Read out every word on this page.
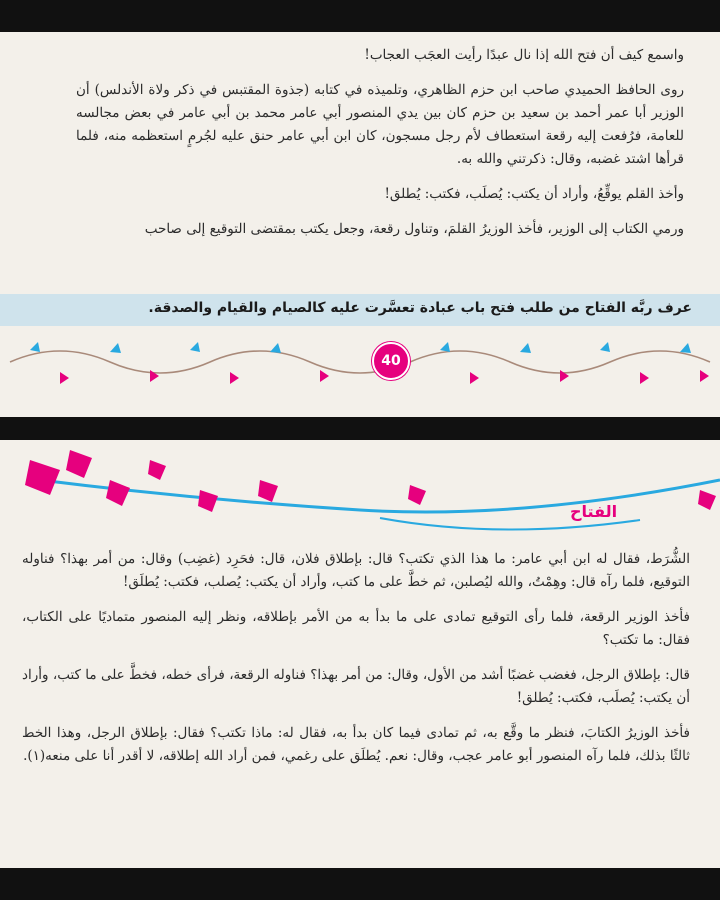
واسمع كيف أن فتح الله إذا نال عبدًا رأيت العجَب العجاب!

روى الحافظ الحميدي صاحب ابن حزم الظاهري، وتلميذه في كتابه (جذوة المقتبس في ذكر ولاة الأندلس) أن الوزير أبا عمر أحمد بن سعيد بن حزم كان بين يدي المنصور أبي عامر محمد بن أبي عامر في بعض مجالسه للعامة، فرُفعت إليه رقعة استعطاف لأم رجل مسجون، كان ابن أبي عامر حنق عليه لجُرمٍ استعظمه منه، فلما قرأها اشتد غضبه، وقال: ذكرتني والله به.

وأخذ القلم يوقِّعُ، وأراد أن يكتب: يُصلَب، فكتب: يُطلق!

ورمي الكتاب إلى الوزير، فأخذ الوزيرُ القلمَ، وتناول رقعة، وجعل يكتب بمقتضى التوقيع إلى صاحب

عرف ربَّه الفتاح من طلب فتح باب عبادة تعسَّرت عليه كالصيام والقيام والصدقة.
40
الفتاح

الشُّرَط، فقال له ابن أبي عامر: ما هذا الذي تكتب؟ قال: بإطلاق فلان، قال: فحَرِد (غضِب) وقال: من أمر بهذا؟ فناوله التوقيع، فلما رآه قال: وهِمْتُ، والله ليُصلبن، ثم خطَّ على ما كتب، وأراد أن يكتب: يُصلب، فكتب: يُطلَق!

فأخذ الوزير الرقعة، فلما رأى التوقيع تمادى على ما بدأ به من الأمر بإطلاقه، ونظر إليه المنصور متماديًا على الكتاب، فقال: ما تكتب؟

قال: بإطلاق الرجل، فغضب غضبًا أشد من الأول، وقال: من أمر بهذا؟ فناوله الرقعة، فرأى خطه، فخطَّ على ما كتب، وأراد أن يكتب: يُصلَب، فكتب: يُطلق!

فأخذ الوزيرُ الكتابَ، فنظر ما وقَّع به، ثم تمادى فيما كان بدأ به، فقال له: ماذا تكتب؟ فقال: بإطلاق الرجل، وهذا الخط ثالثًا بذلك، فلما رآه المنصور أبو عامر عجب، وقال: نعم. يُطلَق على رغمي، فمن أراد الله إطلاقه، لا أقدر أنا على منعه(١).
